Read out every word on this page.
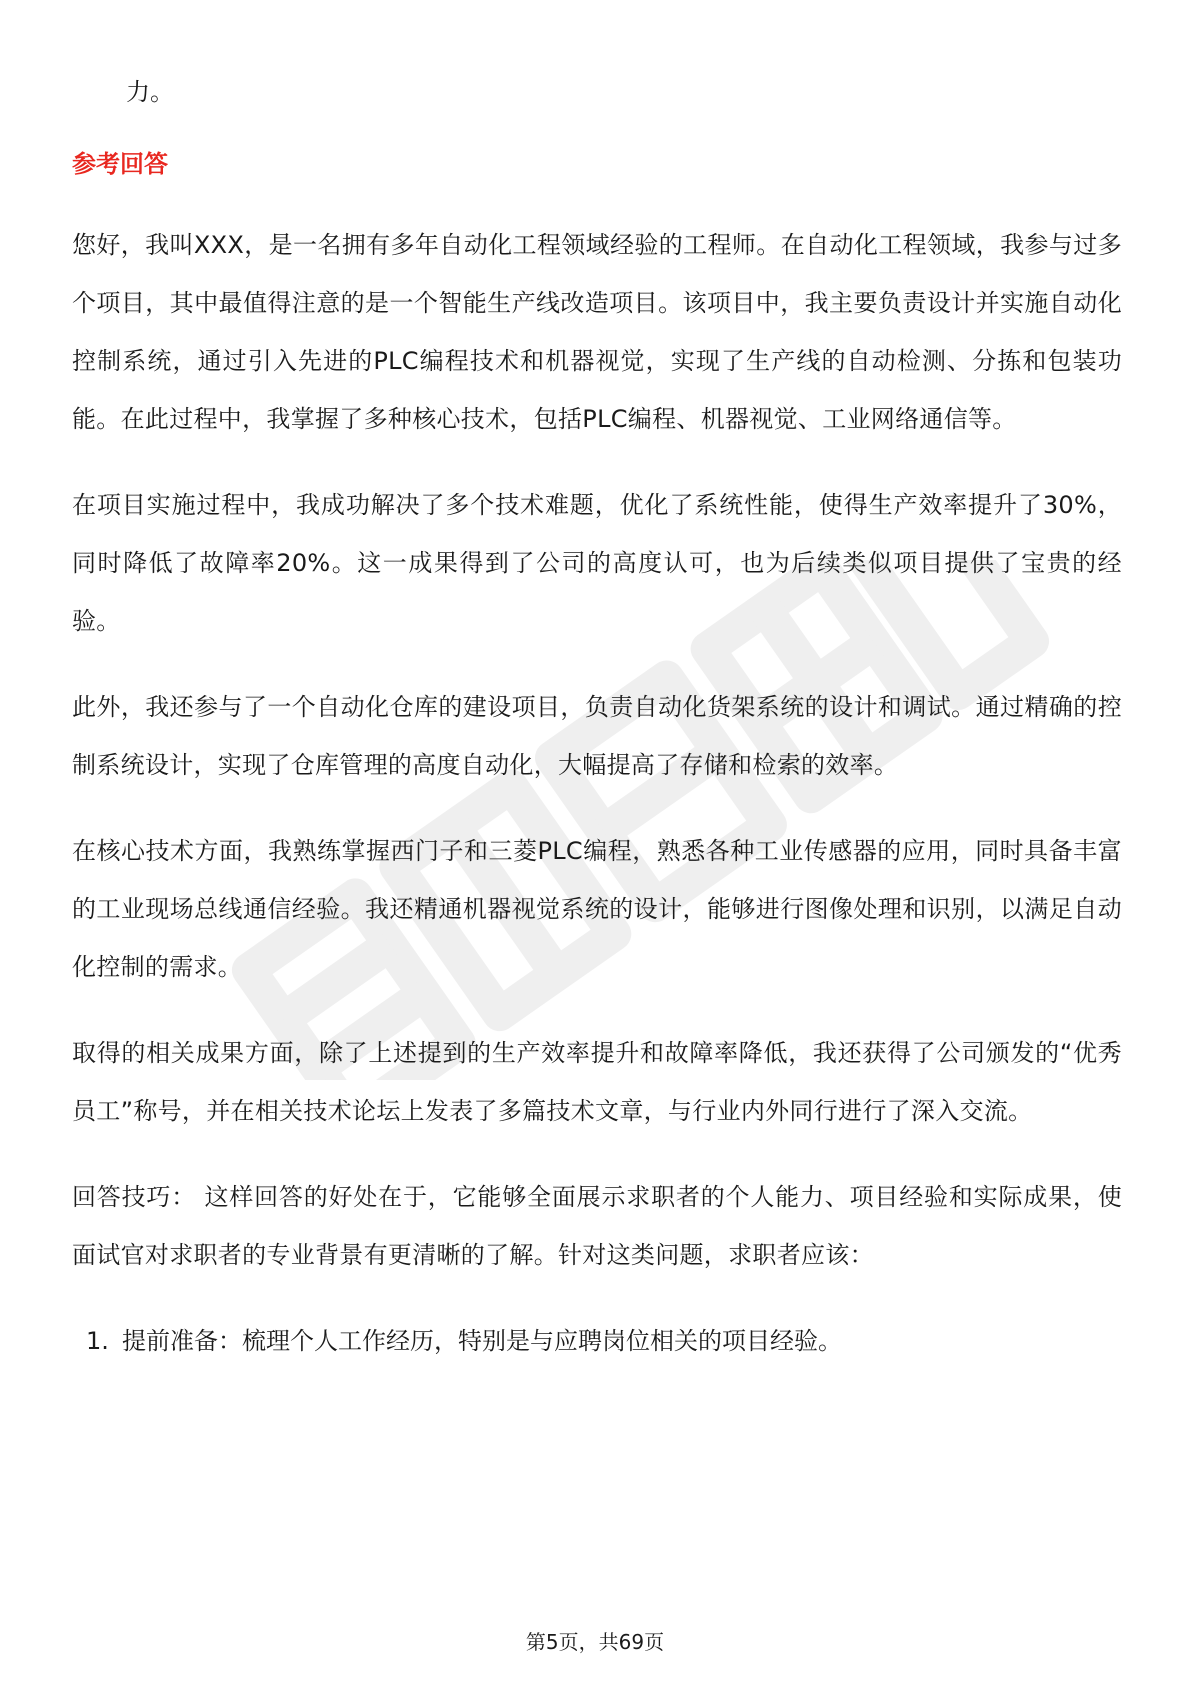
力。

参考回答

您好，我叫XXX，是一名拥有多年自动化工程领域经验的工程师。在自动化工程领域，我参与过多个项目，其中最值得注意的是一个智能生产线改造项目。该项目中，我主要负责设计并实施自动化控制系统，通过引入先进的PLC编程技术和机器视觉，实现了生产线的自动检测、分拣和包装功能。在此过程中，我掌握了多种核心技术，包括PLC编程、机器视觉、工业网络通信等。

在项目实施过程中，我成功解决了多个技术难题，优化了系统性能，使得生产效率提升了30%，同时降低了故障率20%。这一成果得到了公司的高度认可，也为后续类似项目提供了宝贵的经验。

此外，我还参与了一个自动化仓库的建设项目，负责自动化货架系统的设计和调试。通过精确的控制系统设计，实现了仓库管理的高度自动化，大幅提高了存储和检索的效率。

在核心技术方面，我熟练掌握西门子和三菱PLC编程，熟悉各种工业传感器的应用，同时具备丰富的工业现场总线通信经验。我还精通机器视觉系统的设计，能够进行图像处理和识别，以满足自动化控制的需求。

取得的相关成果方面，除了上述提到的生产效率提升和故障率降低，我还获得了公司颁发的“优秀员工”称号，并在相关技术论坛上发表了多篇技术文章，与行业内外同行进行了深入交流。

回答技巧： 这样回答的好处在于，它能够全面展示求职者的个人能力、项目经验和实际成果，使面试官对求职者的专业背景有更清晰的了解。针对这类问题，求职者应该：

1. 提前准备：梳理个人工作经历，特别是与应聘岗位相关的项目经验。
第5页，共69页
